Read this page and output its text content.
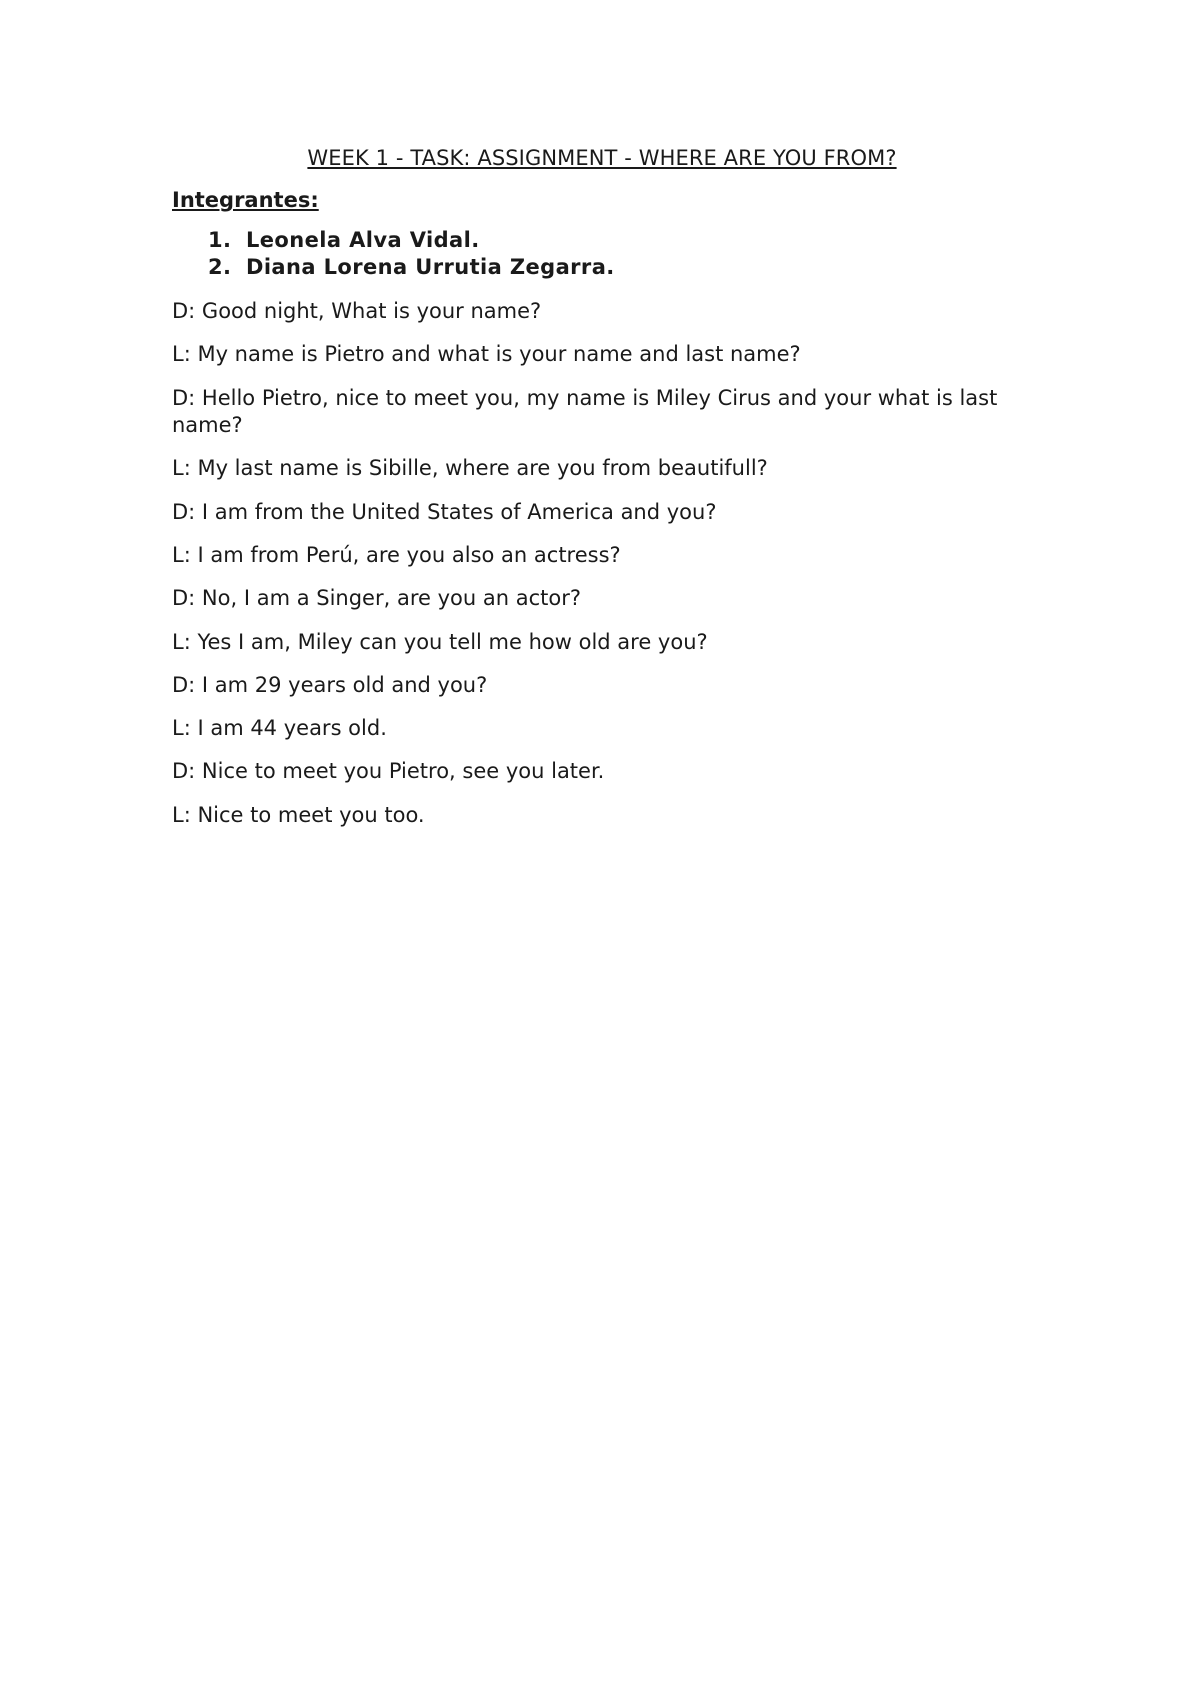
WEEK 1 - TASK: ASSIGNMENT - WHERE ARE YOU FROM?

Integrantes:

1. Leonela Alva Vidal.
2. Diana Lorena Urrutia Zegarra.

D: Good night, What is your name?

L: My name is Pietro and what is your name and last name?

D: Hello Pietro, nice to meet you, my name is Miley Cirus and your what is last name?

L: My last name is Sibille, where are you from beautifull?

D: I am from the United States of America and you?

L: I am from Perú, are you also an actress?

D: No, I am a Singer, are you an actor?

L: Yes I am, Miley can you tell me how old are you?

D: I am 29 years old and you?

L: I am 44 years old.

D: Nice to meet you Pietro, see you later.

L: Nice to meet you too.
